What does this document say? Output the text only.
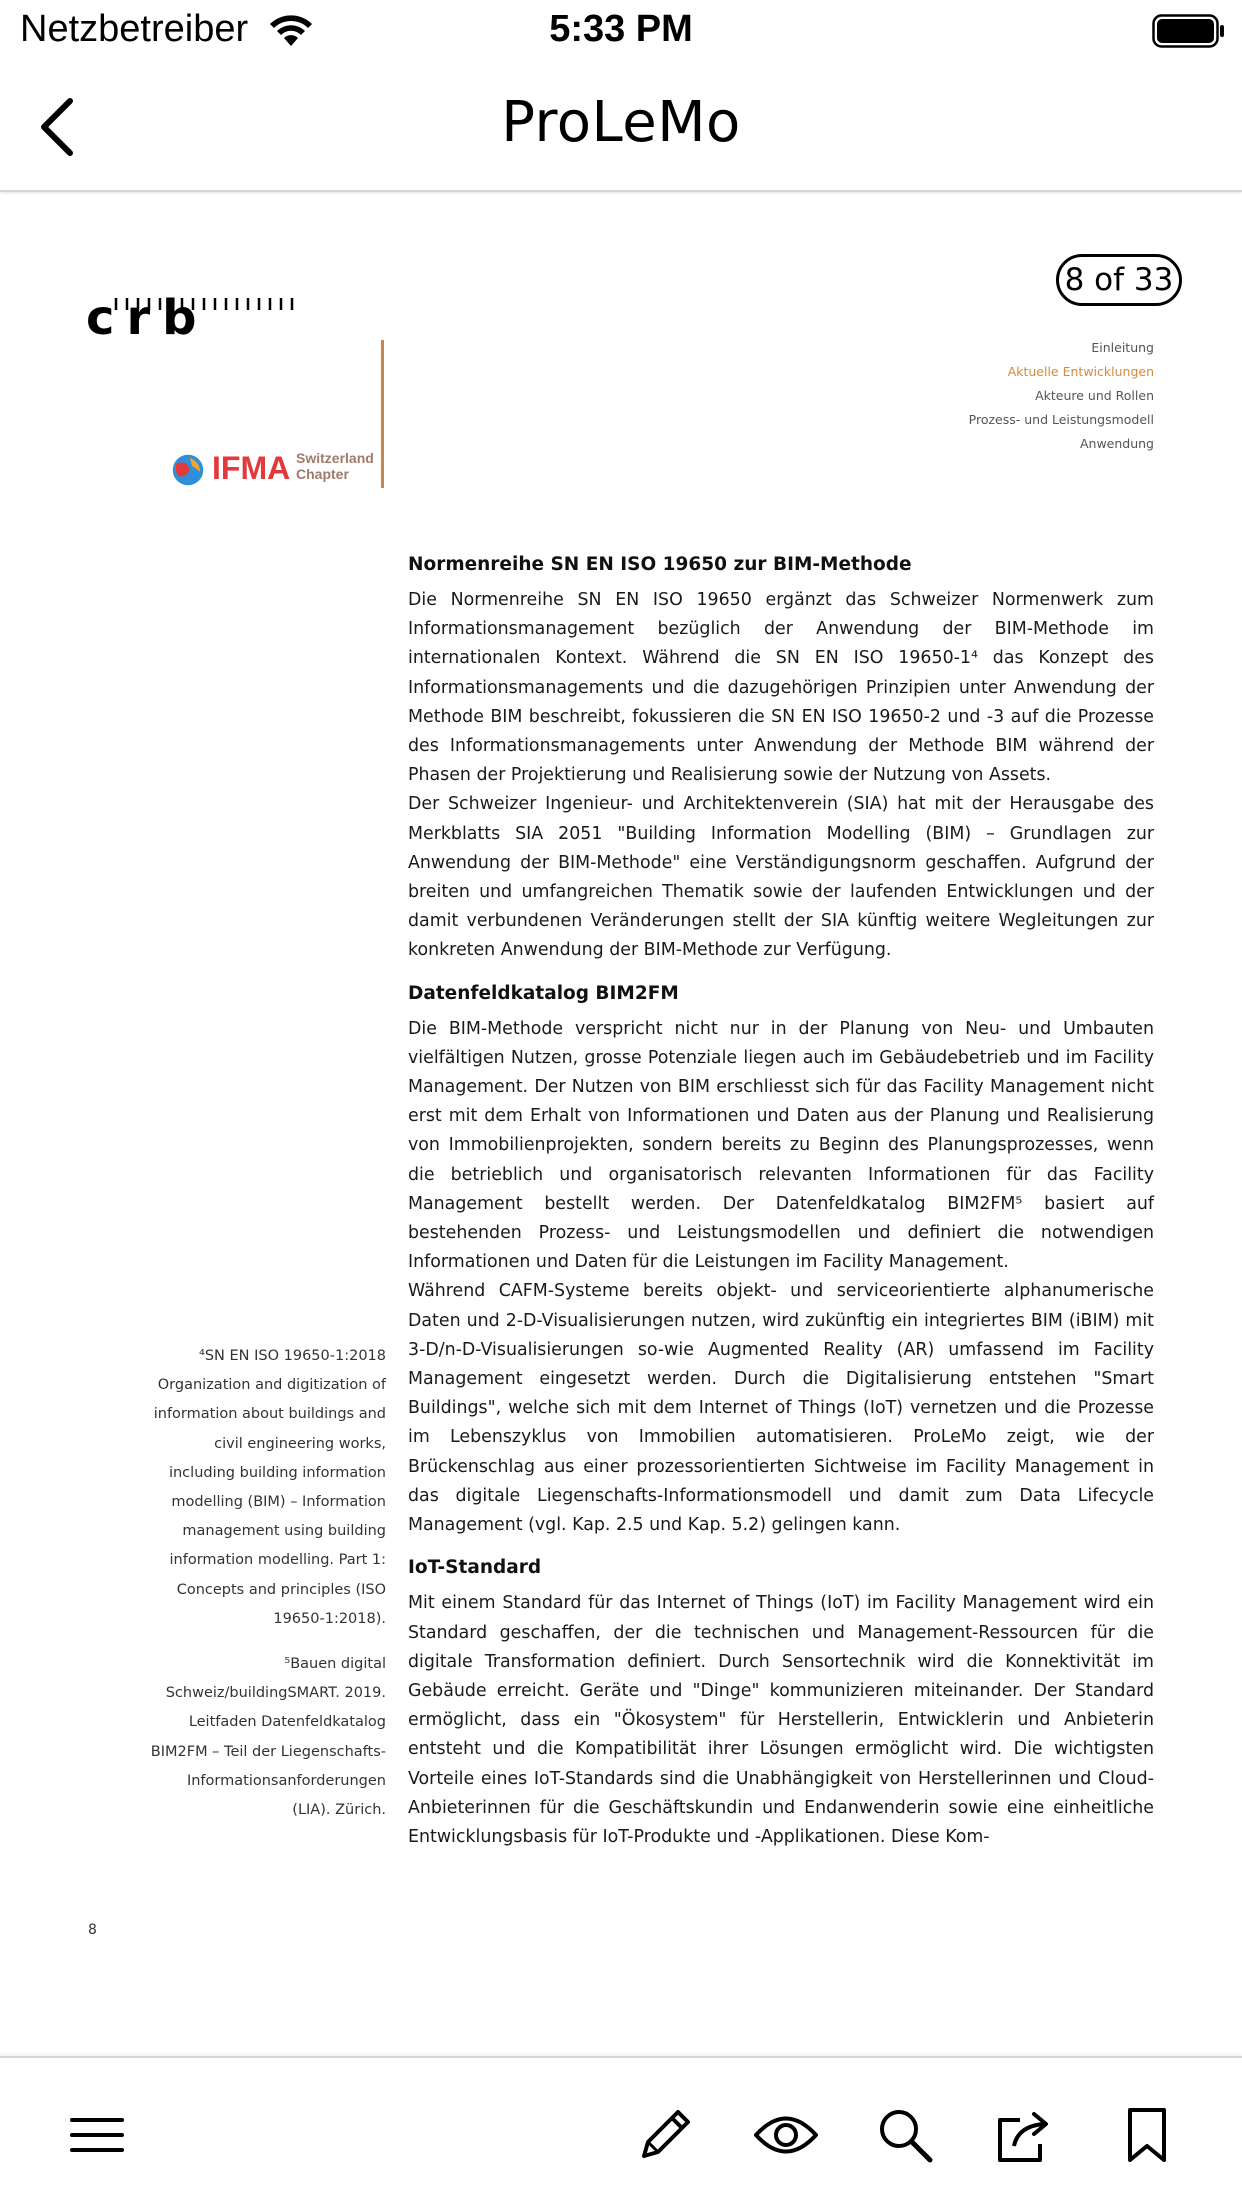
Netzbetreiber	5:33 PM
ProLeMo
8 of 33
crb
IFMA Switzerland
Chapter
Einleitung
Aktuelle Entwicklungen
Akteure und Rollen
Prozess- und Leistungsmodell
Anwendung
Normenreihe SN EN ISO 19650 zur BIM-Methode

Die Normenreihe SN EN ISO 19650 ergänzt das Schweizer Normenwerk zum Informationsmanagement bezüglich der Anwendung der BIM-Methode im internationalen Kontext. Während die SN EN ISO 19650-1⁴ das Konzept des Informationsmanagements und die dazugehörigen Prinzipien unter Anwendung der Methode BIM beschreibt, fokussieren die SN EN ISO 19650-2 und -3 auf die Prozesse des Informationsmanagements unter Anwendung der Methode BIM während der Phasen der Projektierung und Realisierung sowie der Nutzung von Assets.

Der Schweizer Ingenieur- und Architektenverein (SIA) hat mit der Herausgabe des Merkblatts SIA 2051 "Building Information Modelling (BIM) – Grundlagen zur Anwendung der BIM-Methode" eine Verständigungsnorm geschaffen. Aufgrund der breiten und umfangreichen Thematik sowie der laufenden Entwicklungen und der damit verbundenen Veränderungen stellt der SIA künftig weitere Wegleitungen zur konkreten Anwendung der BIM-Methode zur Verfügung.

Datenfeldkatalog BIM2FM

Die BIM-Methode verspricht nicht nur in der Planung von Neu- und Umbauten vielfältigen Nutzen, grosse Potenziale liegen auch im Gebäudebetrieb und im Facility Management. Der Nutzen von BIM erschliesst sich für das Facility Management nicht erst mit dem Erhalt von Informationen und Daten aus der Planung und Realisierung von Immobilienprojekten, sondern bereits zu Beginn des Planungsprozesses, wenn die betrieblich und organisatorisch relevanten Informationen für das Facility Management bestellt werden. Der Datenfeldkatalog BIM2FM⁵ basiert auf bestehenden Prozess- und Leistungsmodellen und definiert die notwendigen Informationen und Daten für die Leistungen im Facility Management.

Während CAFM-Systeme bereits objekt- und serviceorientierte alphanumerische Daten und 2-D-Visualisierungen nutzen, wird zukünftig ein integriertes BIM (iBIM) mit 3-D/n-D-Visualisierungen so-wie Augmented Reality (AR) umfassend im Facility Management eingesetzt werden. Durch die Digitalisierung entstehen "Smart Buildings", welche sich mit dem Internet of Things (IoT) vernetzen und die Prozesse im Lebenszyklus von Immobilien automatisieren. ProLeMo zeigt, wie der Brückenschlag aus einer prozessorientierten Sichtweise im Facility Management in das digitale Liegenschafts-Informationsmodell und damit zum Data Lifecycle Management (vgl. Kap. 2.5 und Kap. 5.2) gelingen kann.

IoT-Standard

Mit einem Standard für das Internet of Things (IoT) im Facility Management wird ein Standard geschaffen, der die technischen und Management-Ressourcen für die digitale Transformation definiert. Durch Sensortechnik wird die Konnektivität im Gebäude erreicht. Geräte und "Dinge" kommunizieren miteinander. Der Standard ermöglicht, dass ein "Ökosystem" für Herstellerin, Entwicklerin und Anbieterin entsteht und die Kompatibilität ihrer Lösungen ermöglicht wird. Die wichtigsten Vorteile eines IoT-Standards sind die Unabhängigkeit von Herstellerinnen und Cloud-Anbieterinnen für die Geschäftskundin und Endanwenderin sowie eine einheitliche Entwicklungsbasis für IoT-Produkte und -Applikationen. Diese Kom-

⁴SN EN ISO 19650-1:2018 Organization and digitization of information about buildings and civil engineering works, including building information modelling (BIM) – Information management using building information modelling. Part 1: Concepts and principles (ISO 19650-1:2018).
⁵Bauen digital Schweiz/buildingSMART. 2019. Leitfaden Datenfeldkatalog BIM2FM – Teil der Liegenschafts-Informationsanforderungen (LIA). Zürich.
8
